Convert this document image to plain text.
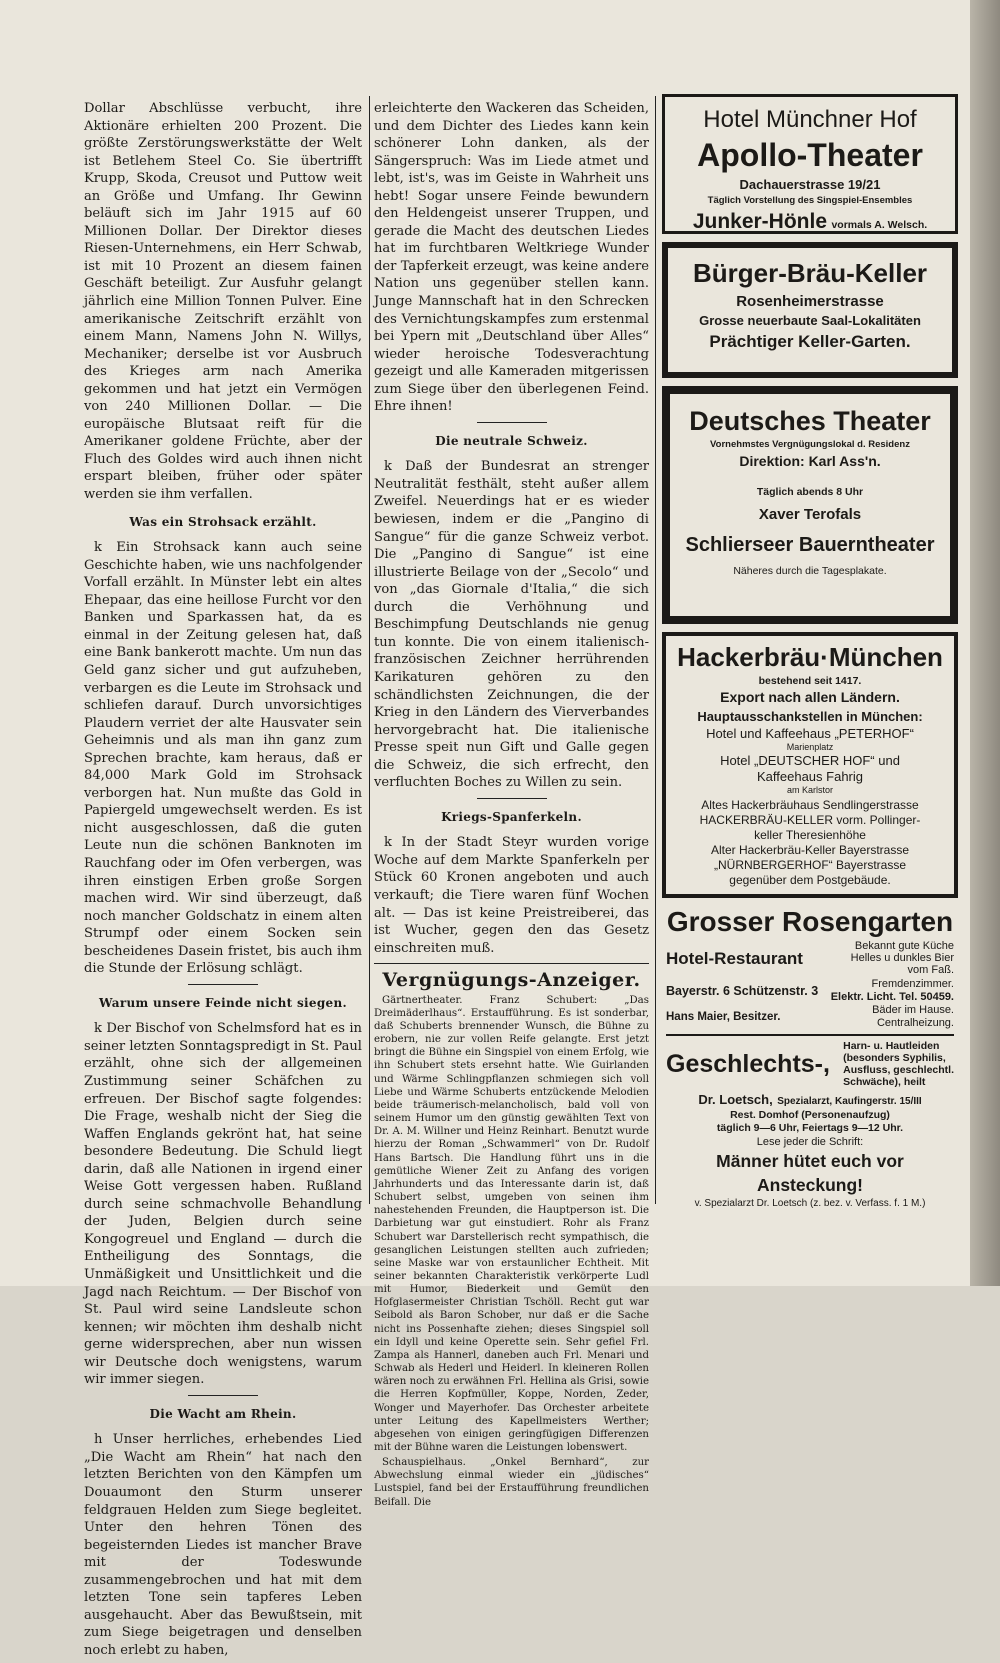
Dollar Abschlüsse verbucht, ihre Aktionäre erhielten 200 Prozent. Die größte Zerstörungswerkstätte der Welt ist Betlehem Steel Co. Sie übertrifft Krupp, Skoda, Creusot und Puttow weit an Größe und Umfang. Ihr Gewinn beläuft sich im Jahr 1915 auf 60 Millionen Dollar. Der Direktor dieses Riesen-Unternehmens, ein Herr Schwab, ist mit 10 Prozent an diesem fainen Geschäft beteiligt. Zur Ausfuhr gelangt jährlich eine Million Tonnen Pulver. Eine amerikanische Zeitschrift erzählt von einem Mann, Namens John N. Willys, Mechaniker; derselbe ist vor Ausbruch des Krieges arm nach Amerika gekommen und hat jetzt ein Vermögen von 240 Millionen Dollar. — Die europäische Blutsaat reift für die Amerikaner goldene Früchte, aber der Fluch des Goldes wird auch ihnen nicht erspart bleiben, früher oder später werden sie ihm verfallen.

Was ein Strohsack erzählt.

k Ein Strohsack kann auch seine Geschichte haben, wie uns nachfolgender Vorfall erzählt. In Münster lebt ein altes Ehepaar, das eine heillose Furcht vor den Banken und Sparkassen hat, da es einmal in der Zeitung gelesen hat, daß eine Bank bankerott machte. Um nun das Geld ganz sicher und gut aufzuheben, verbargen es die Leute im Strohsack und schliefen darauf. Durch unvorsichtiges Plaudern verriet der alte Hausvater sein Geheimnis und als man ihn ganz zum Sprechen brachte, kam heraus, daß er 84,000 Mark Gold im Strohsack verborgen hat. Nun mußte das Gold in Papiergeld umgewechselt werden. Es ist nicht ausgeschlossen, daß die guten Leute nun die schönen Banknoten im Rauchfang oder im Ofen verbergen, was ihren einstigen Erben große Sorgen machen wird. Wir sind überzeugt, daß noch mancher Goldschatz in einem alten Strumpf oder einem Socken sein bescheidenes Dasein fristet, bis auch ihm die Stunde der Erlösung schlägt.

Warum unsere Feinde nicht siegen.

k Der Bischof von Schelmsford hat es in seiner letzten Sonntagspredigt in St. Paul erzählt, ohne sich der allgemeinen Zustimmung seiner Schäfchen zu erfreuen. Der Bischof sagte folgendes: Die Frage, weshalb nicht der Sieg die Waffen Englands gekrönt hat, hat seine besondere Bedeutung. Die Schuld liegt darin, daß alle Nationen in irgend einer Weise Gott vergessen haben. Rußland durch seine schmachvolle Behandlung der Juden, Belgien durch seine Kongogreuel und England — durch die Entheiligung des Sonntags, die Unmäßigkeit und Unsittlichkeit und die Jagd nach Reichtum. — Der Bischof von St. Paul wird seine Landsleute schon kennen; wir möchten ihm deshalb nicht gerne widersprechen, aber nun wissen wir Deutsche doch wenigstens, warum wir immer siegen.

Die Wacht am Rhein.

h Unser herrliches, erhebendes Lied „Die Wacht am Rhein“ hat nach den letzten Berichten von den Kämpfen um Douaumont den Sturm unserer feldgrauen Helden zum Siege begleitet. Unter den hehren Tönen des begeisternden Liedes ist mancher Brave mit der Todeswunde zusammengebrochen und hat mit dem letzten Tone sein tapferes Leben ausgehaucht. Aber das Bewußtsein, mit zum Siege beigetragen und denselben noch erlebt zu haben,

erleichterte den Wackeren das Scheiden, und dem Dichter des Liedes kann kein schönerer Lohn danken, als der Sängerspruch: Was im Liede atmet und lebt, ist's, was im Geiste in Wahrheit uns hebt! Sogar unsere Feinde bewundern den Heldengeist unserer Truppen, und gerade die Macht des deutschen Liedes hat im furchtbaren Weltkriege Wunder der Tapferkeit erzeugt, was keine andere Nation uns gegenüber stellen kann. Junge Mannschaft hat in den Schrecken des Vernichtungskampfes zum erstenmal bei Ypern mit „Deutschland über Alles“ wieder heroische Todesverachtung gezeigt und alle Kameraden mitgerissen zum Siege über den überlegenen Feind. Ehre ihnen!

Die neutrale Schweiz.

k Daß der Bundesrat an strenger Neutralität festhält, steht außer allem Zweifel. Neuerdings hat er es wieder bewiesen, indem er die „Pangino di Sangue“ für die ganze Schweiz verbot. Die „Pangino di Sangue“ ist eine illustrierte Beilage von der „Secolo“ und von „das Giornale d'Italia,“ die sich durch die Verhöhnung und Beschimpfung Deutschlands nie genug tun konnte. Die von einem italienisch-französischen Zeichner herrührenden Karikaturen gehören zu den schändlichsten Zeichnungen, die der Krieg in den Ländern des Vierverbandes hervorgebracht hat. Die italienische Presse speit nun Gift und Galle gegen die Schweiz, die sich erfrecht, den verfluchten Boches zu Willen zu sein.

Kriegs-Spanferkeln.

k In der Stadt Steyr wurden vorige Woche auf dem Markte Spanferkeln per Stück 60 Kronen angeboten und auch verkauft; die Tiere waren fünf Wochen alt. — Das ist keine Preistreiberei, das ist Wucher, gegen den das Gesetz einschreiten muß.

Vergnügungs-Anzeiger.

Gärtnertheater. Franz Schubert: „Das Dreimäderlhaus“. Erstaufführung. Es ist sonderbar, daß Schuberts brennender Wunsch, die Bühne zu erobern, nie zur vollen Reife gelangte. Erst jetzt bringt die Bühne ein Singspiel von einem Erfolg, wie ihn Schubert stets ersehnt hatte. Wie Guirlanden und Wärme Schlingpflanzen schmiegen sich voll Liebe und Wärme Schuberts entzückende Melodien beide träumerisch-melancholisch, bald voll von seinem Humor um den günstig gewählten Text von Dr. A. M. Willner und Heinz Reinhart. Benutzt wurde hierzu der Roman „Schwammerl“ von Dr. Rudolf Hans Bartsch. Die Handlung führt uns in die gemütliche Wiener Zeit zu Anfang des vorigen Jahrhunderts und das Interessante darin ist, daß Schubert selbst, umgeben von seinen ihm nahestehenden Freunden, die Hauptperson ist. Die Darbietung war gut einstudiert. Rohr als Franz Schubert war Darstellerisch recht sympathisch, die gesanglichen Leistungen stellten auch zufrieden; seine Maske war von erstaunlicher Echtheit. Mit seiner bekannten Charakteristik verkörperte Ludl mit Humor, Biederkeit und Gemüt den Hofglasermeister Christian Tschöll. Recht gut war Seibold als Baron Schober, nur daß er die Sache nicht ins Possenhafte ziehen; dieses Singspiel soll ein Idyll und keine Operette sein. Sehr gefiel Frl. Zampa als Hannerl, daneben auch Frl. Menari und Schwab als Hederl und Heiderl. In kleineren Rollen wären noch zu erwähnen Frl. Hellina als Grisi, sowie die Herren Kopfmüller, Koppe, Norden, Zeder, Wonger und Mayerhofer. Das Orchester arbeitete unter Leitung des Kapellmeisters Werther; abgesehen von einigen geringfügigen Differenzen mit der Bühne waren die Leistungen lobenswert.

Schauspielhaus. „Onkel Bernhard“, zur Abwechslung einmal wieder ein „jüdisches“ Lustspiel, fand bei der Erstaufführung freundlichen Beifall. Die

Hotel Münchner Hof
Apollo-Theater
Dachauerstrasse 19/21
Täglich Vorstellung des Singspiel-Ensembles
Junker-Hönle vormals A. Welsch.
Bürger-Bräu-Keller
Rosenheimerstrasse
Grosse neuerbaute Saal-Lokalitäten
Prächtiger Keller-Garten.
Deutsches Theater
Vornehmstes Vergnügungslokal d. Residenz
Direktion: Karl Ass'n.
Täglich abends 8 Uhr
Xaver Terofals
Schlierseer Bauerntheater
Näheres durch die Tagesplakate.
Hackerbräu·München
bestehend seit 1417.
Export nach allen Ländern.
Hauptausschankstellen in München:
Hotel und Kaffeehaus „PETERHOF“
Marienplatz
Hotel „DEUTSCHER HOF“ und
Kaffeehaus Fahrig
am Karlstor
Altes Hackerbräuhaus Sendlingerstrasse
HACKERBRÄU-KELLER vorm. Pollinger-
keller Theresienhöhe
Alter Hackerbräu-Keller Bayerstrasse
„NÜRNBERGERHOF“ Bayerstrasse
gegenüber dem Postgebäude.
Grosser Rosengarten
Hotel-Restaurant
Bekannt gute Küche
Helles u dunkles Bier
vom Faß.
Bayerstr. 6 Schützenstr. 3	Fremdenzimmer.
Elektr. Licht. Tel. 50459.
Hans Maier, Besitzer.
Bäder im Hause.
Centralheizung.
Geschlechts-,
Harn- u. Hautleiden
(besonders Syphilis,
Ausfluss, geschlechtl.
Schwäche), heilt
Dr. Loetsch, Spezialarzt, Kaufingerstr. 15/III
Rest. Domhof (Personenaufzug)
täglich 9—6 Uhr, Feiertags 9—12 Uhr.
Lese jeder die Schrift:
Männer hütet euch vor Ansteckung!
v. Spezialarzt Dr. Loetsch (z. bez. v. Verfass. f. 1 M.)
